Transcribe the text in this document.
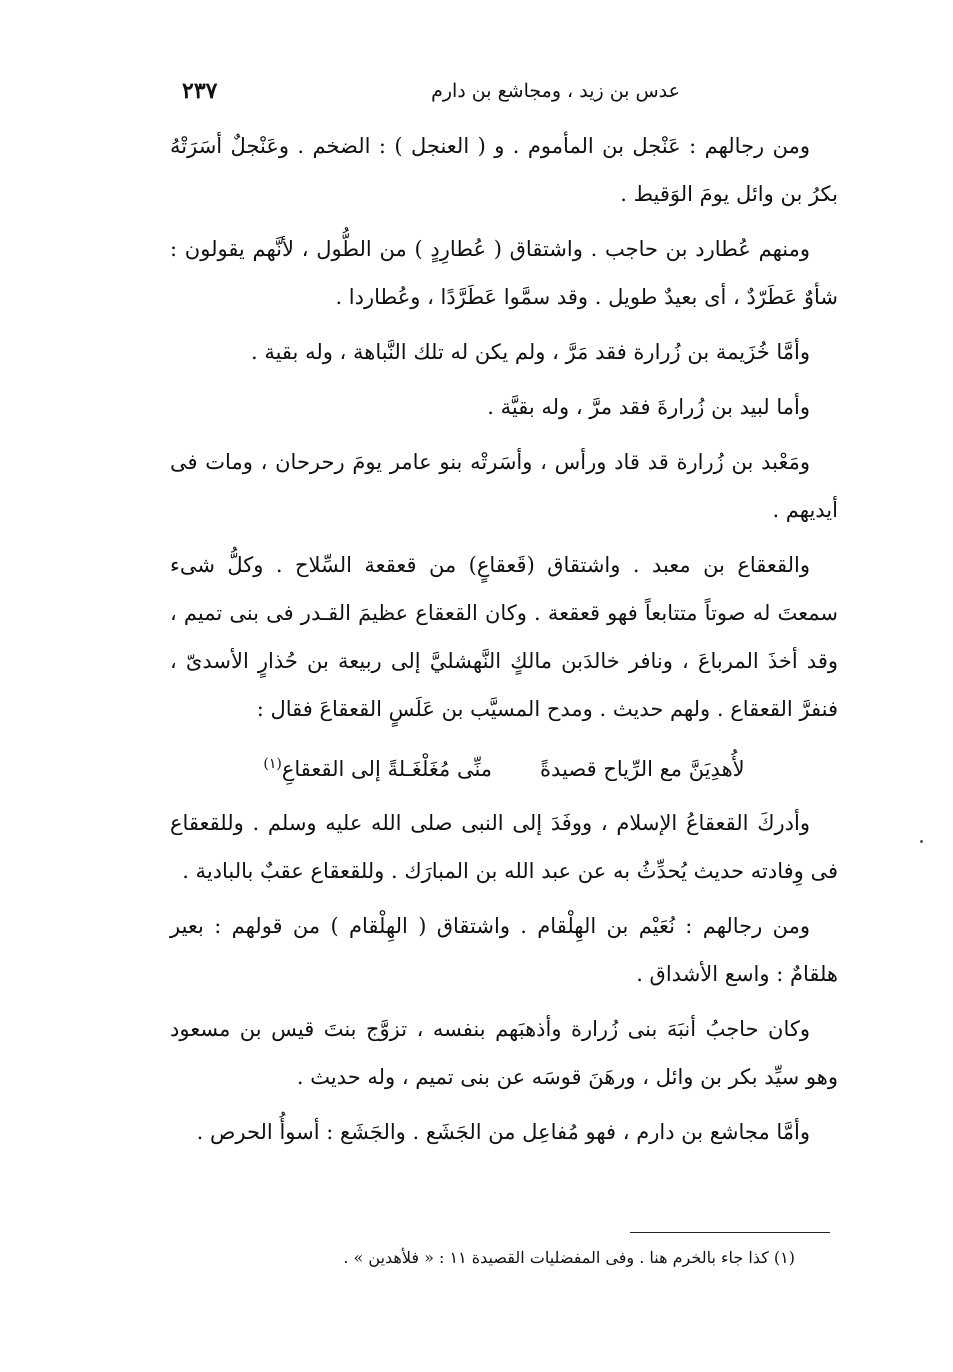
عدس بن زيد ، ومجاشع بن دارم
٢٣٧

ومن رجالهم : عَنْجل بن المأموم . و ( العنجل ) : الضخم . وعَنْجلٌ أسَرَتْهُ بكرُ بن وائل يومَ الوَقيط .

ومنهم عُطارد بن حاجب . واشتقاق ( عُطارِدٍ ) من الطُّول ، لأنَّهم يقولون : شأوٌ عَطَرّدٌ ، أى بعيدٌ طويل . وقد سمَّوا عَطَرَّدًا ، وعُطاردا .

وأمَّا خُزَيمة بن زُرارة فقد مَرَّ ، ولم يكن له تلك النَّباهة ، وله بقية .

وأما لبيد بن زُرارةَ فقد مرَّ ، وله بقيَّة .

ومَعْبد بن زُرارة قد قاد ورأس ، وأسَرتْه بنو عامر يومَ رحرحان ، ومات فى أيديهم .

والقعقاع بن معبد . واشتقاق (قَعقاعٍ) من قعقعة السِّلاح . وكلُّ شىء سمعتَ له صوتاً متتابعاً فهو قعقعة . وكان القعقاع عظيمَ القـدر فى بنى تميم ، وقد أخذَ المرباعَ ، ونافر خالدَبن مالكٍ النَّهشليَّ إلى ربيعة بن حُذارٍ الأسدىّ ، فنفرَّ القعقاع . ولهم حديث . ومدح المسيَّب بن عَلَسٍ القعقاعَ فقال :

لأُهدِيَنَّ مع الرِّياح قصيدةًمنِّى مُغَلْغَـلةً إلى القعقاعِ$^{(١)}$

وأدركَ القعقاعُ الإسلام ، ووفَدَ إلى النبى صلى الله عليه وسلم . وللقعقاع فى وِفادته حديث يُحدِّثُ به عن عبد الله بن المبارَك . وللقعقاع عقبٌ بالبادية .

ومن رجالهم : نُعَيْم بن الهِلْقام . واشتقاق ( الهِلْقام ) من قولهم : بعير هلقامٌ : واسع الأشداق .

وكان حاجبُ أنبَهَ بنى زُرارة وأذهبَهم بنفسه ، تزوَّج بنتَ قيس بن مسعود وهو سيِّد بكر بن وائل ، ورهَنَ قوسَه عن بنى تميم ، وله حديث .

وأمَّا مجاشع بن دارم ، فهو مُفاعِل من الجَشَع . والجَشَع : أسوأُ الحرص .

(١) كذا جاء بالخرم هنا . وفى المفضليات القصيدة ١١ : « فلأهدين » .
